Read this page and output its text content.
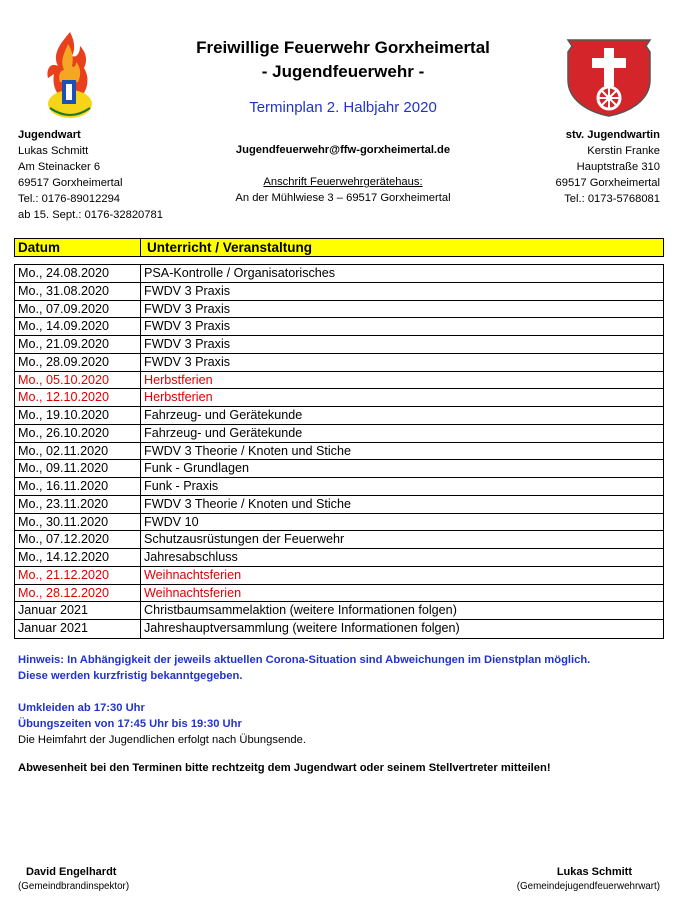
Freiwillige Feuerwehr Gorxheimertal
- Jugendfeuerwehr -
Terminplan 2. Halbjahr 2020
Jugendwart
Lukas Schmitt
Am Steinacker 6
69517 Gorxheimertal
Tel.: 0176-89012294
ab 15. Sept.: 0176-32820781
Jugendfeuerwehr@ffw-gorxheimertal.de
Anschrift Feuerwehrgerätehaus:
An der Mühlwiese 3 – 69517 Gorxheimertal
stv. Jugendwartin
Kerstin Franke
Hauptstraße 310
69517 Gorxheimertal
Tel.: 0173-5768081
Datum	Unterricht / Veranstaltung
Mo., 24.08.2020	PSA-Kontrolle / Organisatorisches
Mo., 31.08.2020	FWDV 3 Praxis
Mo., 07.09.2020	FWDV 3 Praxis
Mo., 14.09.2020	FWDV 3 Praxis
Mo., 21.09.2020	FWDV 3 Praxis
Mo., 28.09.2020	FWDV 3 Praxis
Mo., 05.10.2020	Herbstferien
Mo., 12.10.2020	Herbstferien
Mo., 19.10.2020	Fahrzeug- und Gerätekunde
Mo., 26.10.2020	Fahrzeug- und Gerätekunde
Mo., 02.11.2020	FWDV 3 Theorie / Knoten und Stiche
Mo., 09.11.2020	Funk - Grundlagen
Mo., 16.11.2020	Funk - Praxis
Mo., 23.11.2020	FWDV 3 Theorie / Knoten und Stiche
Mo., 30.11.2020	FWDV 10
Mo., 07.12.2020	Schutzausrüstungen der Feuerwehr
Mo., 14.12.2020	Jahresabschluss
Mo., 21.12.2020	Weihnachtsferien
Mo., 28.12.2020	Weihnachtsferien
Januar 2021	Christbaumsammelaktion (weitere Informationen folgen)
Januar 2021	Jahreshauptversammlung (weitere Informationen folgen)
Hinweis: In Abhängigkeit der jeweils aktuellen Corona-Situation sind Abweichungen im Dienstplan möglich.
Diese werden kurzfristig bekanntgegeben.
Umkleiden ab 17:30 Uhr
Übungszeiten von 17:45 Uhr bis 19:30 Uhr
Die Heimfahrt der Jugendlichen erfolgt nach Übungsende.
Abwesenheit bei den Terminen bitte rechtzeitg dem Jugendwart oder seinem Stellvertreter mitteilen!
David Engelhardt
(Gemeindbrandinspektor)
Lukas Schmitt
(Gemeindejugendfeuerwehrwart)
